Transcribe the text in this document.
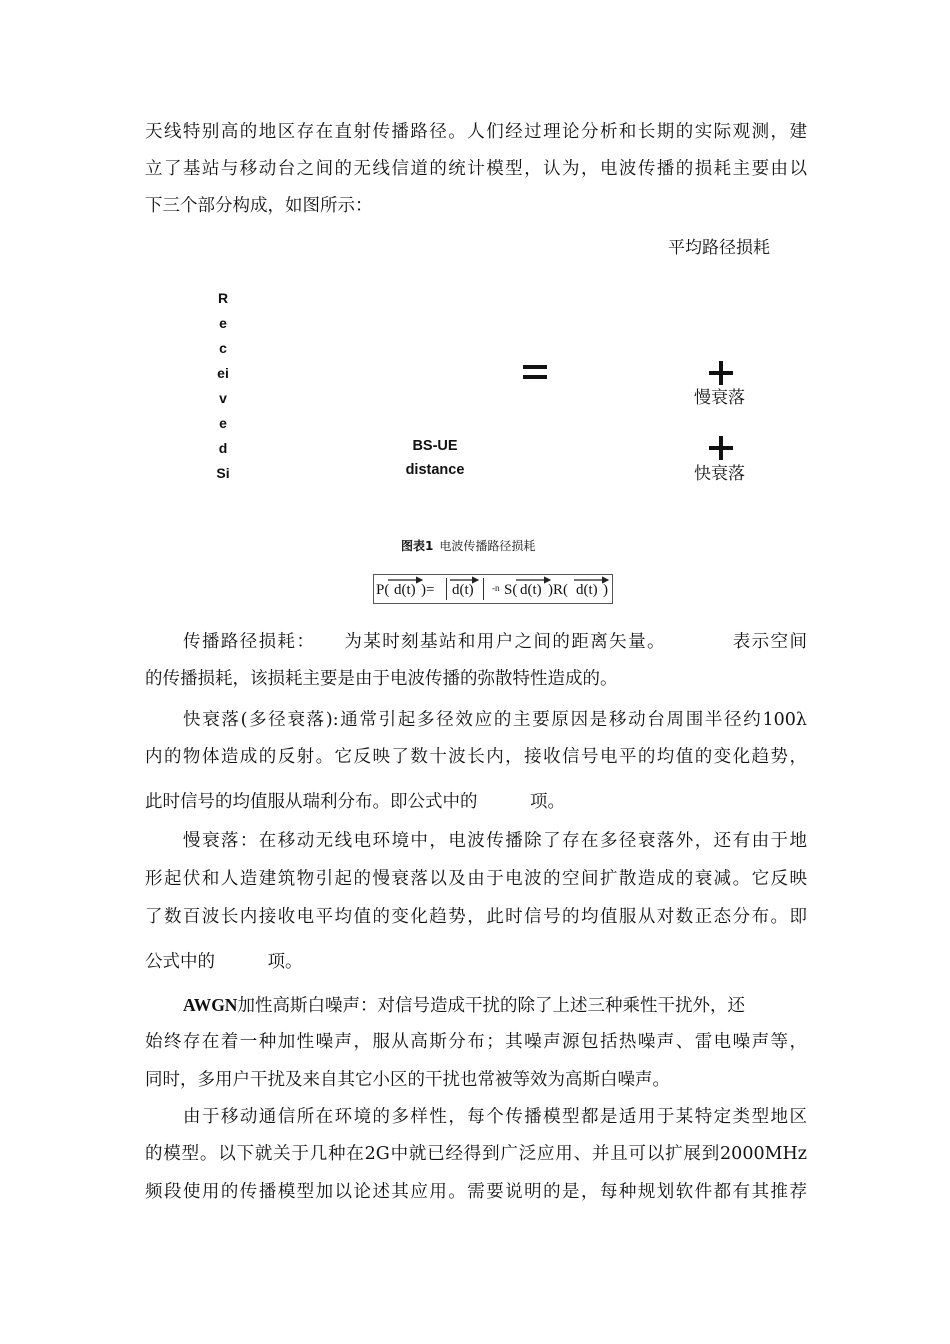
天线特别高的地区存在直射传播路径。人们经过理论分析和长期的实际观测，建
立了基站与移动台之间的无线信道的统计模型，认为，电波传播的损耗主要由以
下三个部分构成，如图所示：
平均路径损耗
R
e
c
ei
v
e
d
Si
BS-UE
distance
慢衰落
快衰落
图表1 电波传播路径损耗
P( d(t) )= d(t) -n S( d(t) )R( d(t) )
传播路径损耗：　　为某时刻基站和用户之间的距离矢量。　　　　表示空间
的传播损耗，该损耗主要是由于电波传播的弥散特性造成的。
快衰落(多径衰落):通常引起多径效应的主要原因是移动台周围半径约100λ
内的物体造成的反射。它反映了数十波长内，接收信号电平的均值的变化趋势，
此时信号的均值服从瑞利分布。即公式中的　　　项。
慢衰落：在移动无线电环境中，电波传播除了存在多径衰落外，还有由于地
形起伏和人造建筑物引起的慢衰落以及由于电波的空间扩散造成的衰减。它反映
了数百波长内接收电平均值的变化趋势，此时信号的均值服从对数正态分布。即
公式中的　　　项。
AWGN加性高斯白噪声：对信号造成干扰的除了上述三种乘性干扰外，还
始终存在着一种加性噪声，服从高斯分布；其噪声源包括热噪声、雷电噪声等，
同时，多用户干扰及来自其它小区的干扰也常被等效为高斯白噪声。
由于移动通信所在环境的多样性，每个传播模型都是适用于某特定类型地区
的模型。以下就关于几种在2G中就已经得到广泛应用、并且可以扩展到2000MHz
频段使用的传播模型加以论述其应用。需要说明的是，每种规划软件都有其推荐
